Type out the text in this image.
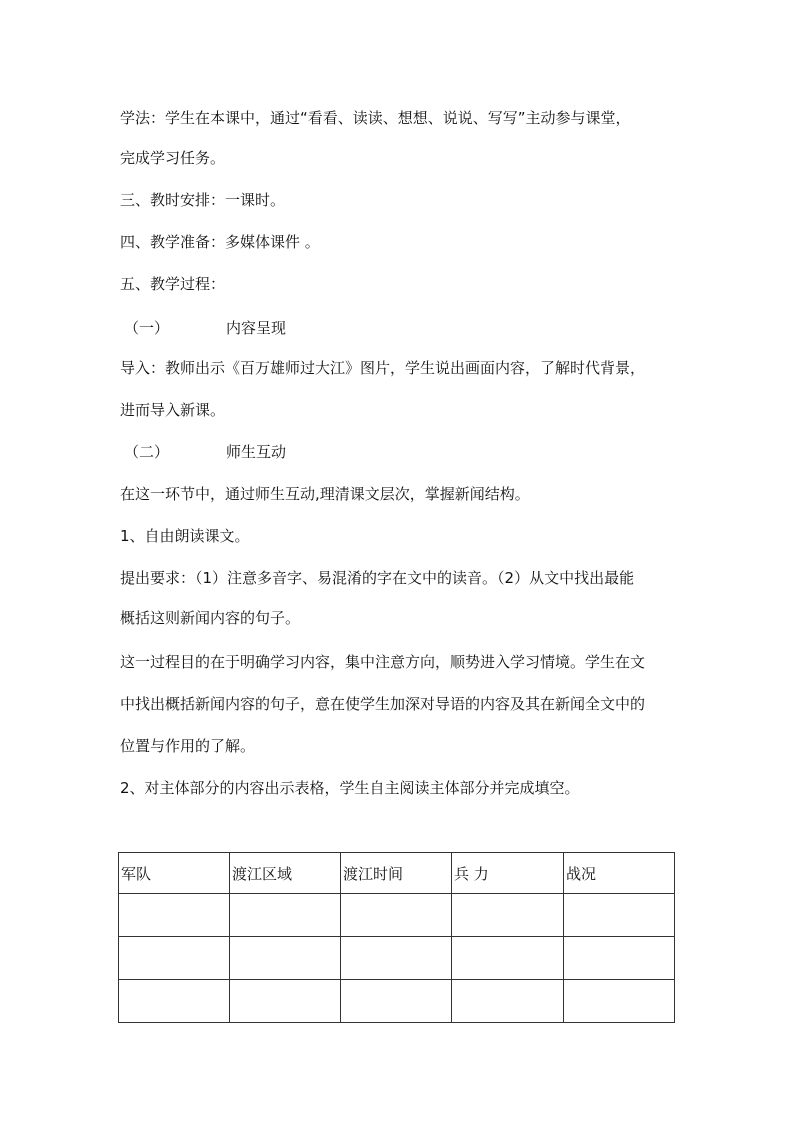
学法：学生在本课中，通过“看看、读读、想想、说说、写写”主动参与课堂，
完成学习任务。
三、教时安排：一课时。
四、教学准备：多媒体课件 。
五、教学过程：
（一）	内容呈现
导入：教师出示《百万雄师过大江》图片，学生说出画面内容，了解时代背景，
进而导入新课。
（二）	师生互动
在这一环节中，通过师生互动,理清课文层次，掌握新闻结构。
1、自由朗读课文。
提出要求：（1）注意多音字、易混淆的字在文中的读音。（2）从文中找出最能
概括这则新闻内容的句子。
这一过程目的在于明确学习内容，集中注意方向，顺势进入学习情境。学生在文
中找出概括新闻内容的句子，意在使学生加深对导语的内容及其在新闻全文中的
位置与作用的了解。
2、对主体部分的内容出示表格，学生自主阅读主体部分并完成填空。
军队	渡江区域	渡江时间	兵 力	战况
